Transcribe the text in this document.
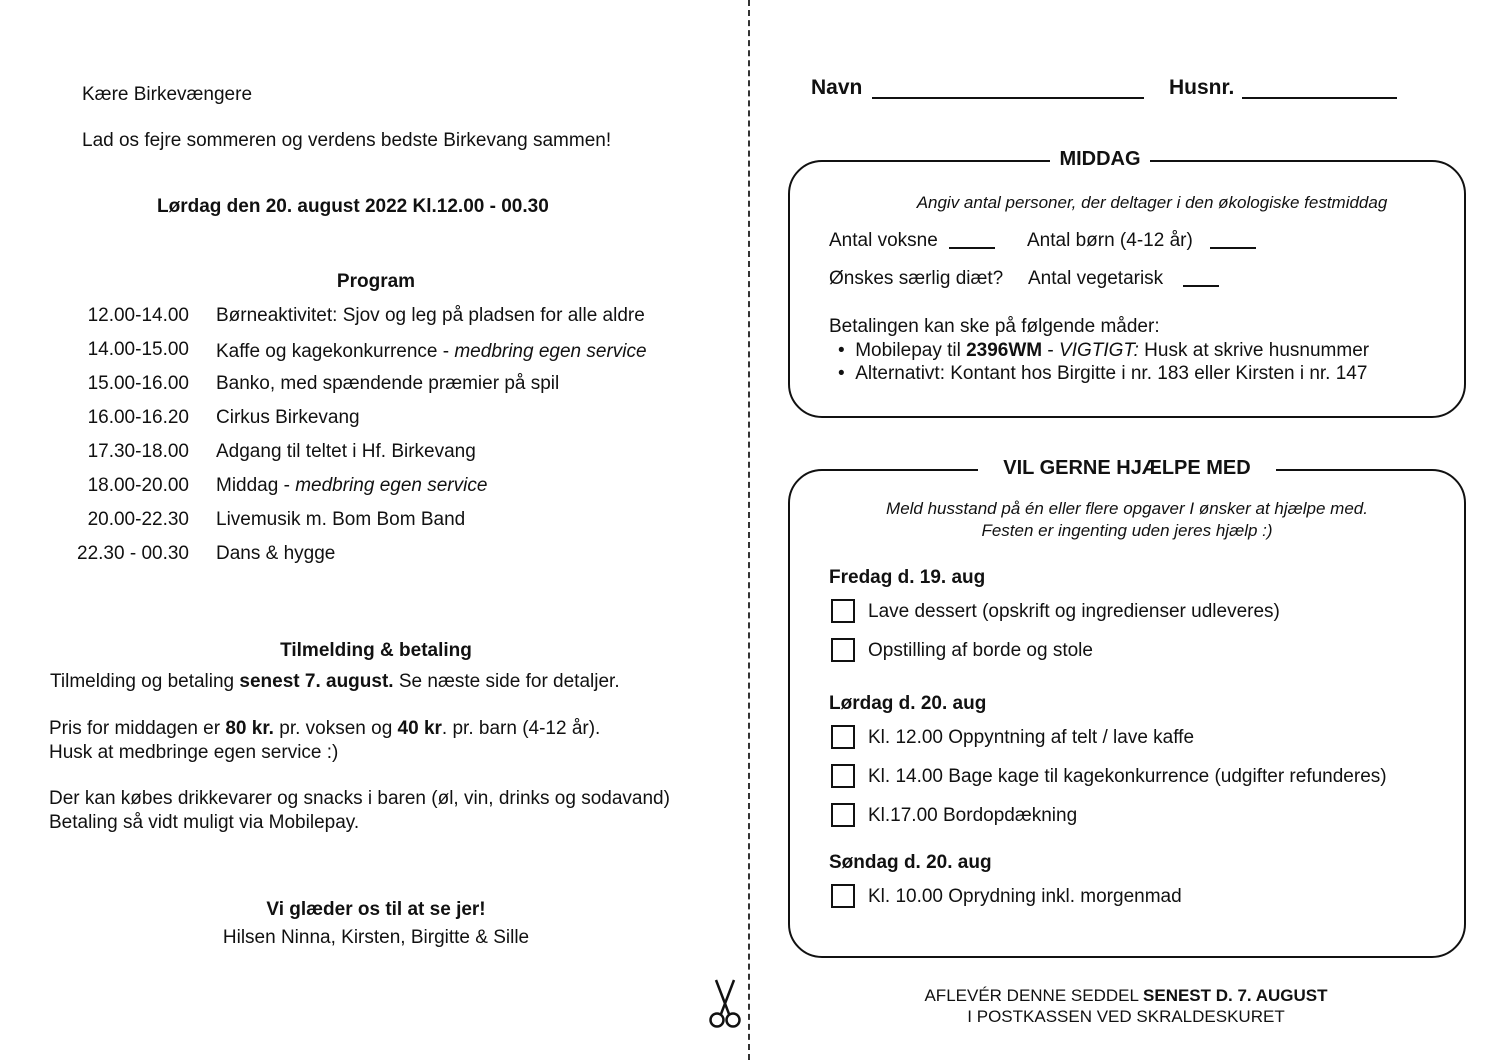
Kære Birkevængere
Lad os fejre sommeren og verdens bedste Birkevang sammen!
Lørdag den 20. august 2022 Kl.12.00 - 00.30
Program
12.00-14.00 Børneaktivitet: Sjov og leg på pladsen for alle aldre
14.00-15.00 Kaffe og kagekonkurrence - medbring egen service
15.00-16.00 Banko, med spændende præmier på spil
16.00-16.20 Cirkus Birkevang
17.30-18.00 Adgang til teltet i Hf. Birkevang
18.00-20.00 Middag - medbring egen service
20.00-22.30 Livemusik m. Bom Bom Band
22.30 - 00.30 Dans & hygge
Tilmelding & betaling
Tilmelding og betaling senest 7. august. Se næste side for detaljer.
Pris for middagen er 80 kr. pr. voksen og 40 kr. pr. barn (4-12 år).
Husk at medbringe egen service :)
Der kan købes drikkevarer og snacks i baren (øl, vin, drinks og sodavand)
Betaling så vidt muligt via Mobilepay.
Vi glæder os til at se jer!
Hilsen Ninna, Kirsten, Birgitte & Sille
Navn	Husnr.
MIDDAG
Angiv antal personer, der deltager i den økologiske festmiddag
Antal voksne	Antal børn (4-12 år)
Ønskes særlig diæt? Antal vegetarisk
Betalingen kan ske på følgende måder:
•  Mobilepay til 2396WM - VIGTIGT: Husk at skrive husnummer
•  Alternativt: Kontant hos Birgitte i nr. 183 eller Kirsten i nr. 147
VIL GERNE HJÆLPE MED
Meld husstand på én eller flere opgaver I ønsker at hjælpe med.
Festen er ingenting uden jeres hjælp :)
Fredag d. 19. aug
Lave dessert (opskrift og ingredienser udleveres)
Opstilling af borde og stole
Lørdag d. 20. aug
Kl. 12.00 Oppyntning af telt / lave kaffe
Kl. 14.00 Bage kage til kagekonkurrence (udgifter refunderes)
Kl.17.00 Bordopdækning
Søndag d. 20. aug
Kl. 10.00 Oprydning inkl. morgenmad
AFLEVÉR DENNE SEDDEL SENEST D. 7. AUGUST
I POSTKASSEN VED SKRALDESKURET
